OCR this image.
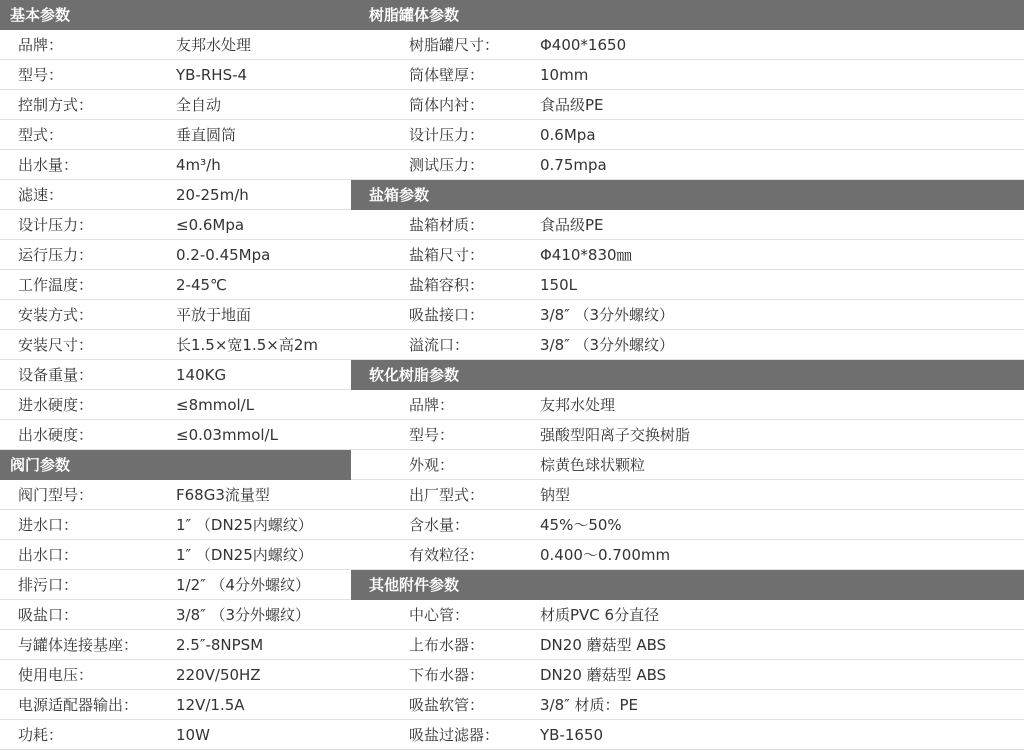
基本参数
品牌：	友邦水处理
型号：	YB-RHS-4
控制方式：	全自动
型式：	垂直圆筒
出水量：	4m³/h
滤速：	20-25m/h
设计压力：	≤0.6Mpa
运行压力：	0.2-0.45Mpa
工作温度：	2-45℃
安装方式：	平放于地面
安装尺寸：	长1.5×宽1.5×高2m
设备重量：	140KG
进水硬度：	≤8mmol/L
出水硬度：	≤0.03mmol/L
阀门参数
阀门型号：	F68G3流量型
进水口：	1″ （DN25内螺纹）
出水口：	1″ （DN25内螺纹）
排污口：	1/2″ （4分外螺纹）
吸盐口：	3/8″ （3分外螺纹）
与罐体连接基座：	2.5″-8NPSM
使用电压：	220V/50HZ
电源适配器输出：	12V/1.5A
功耗：	10W
树脂罐体参数
树脂罐尺寸：	Φ400*1650
筒体壁厚：	10mm
筒体内衬：	食品级PE
设计压力：	0.6Mpa
测试压力：	0.75mpa
盐箱参数
盐箱材质：	食品级PE
盐箱尺寸：	Φ410*830㎜
盐箱容积：	150L
吸盐接口：	3/8″ （3分外螺纹）
溢流口：	3/8″ （3分外螺纹）
软化树脂参数
品牌：	友邦水处理
型号：	强酸型阳离子交换树脂
外观：	棕黄色球状颗粒
出厂型式：	钠型
含水量：	45%～50%
有效粒径：	0.400～0.700mm
其他附件参数
中心管：	材质PVC 6分直径
上布水器：	DN20 蘑菇型 ABS
下布水器：	DN20 蘑菇型 ABS
吸盐软管：	3/8″ 材质：PE
吸盐过滤器：	YB-1650
